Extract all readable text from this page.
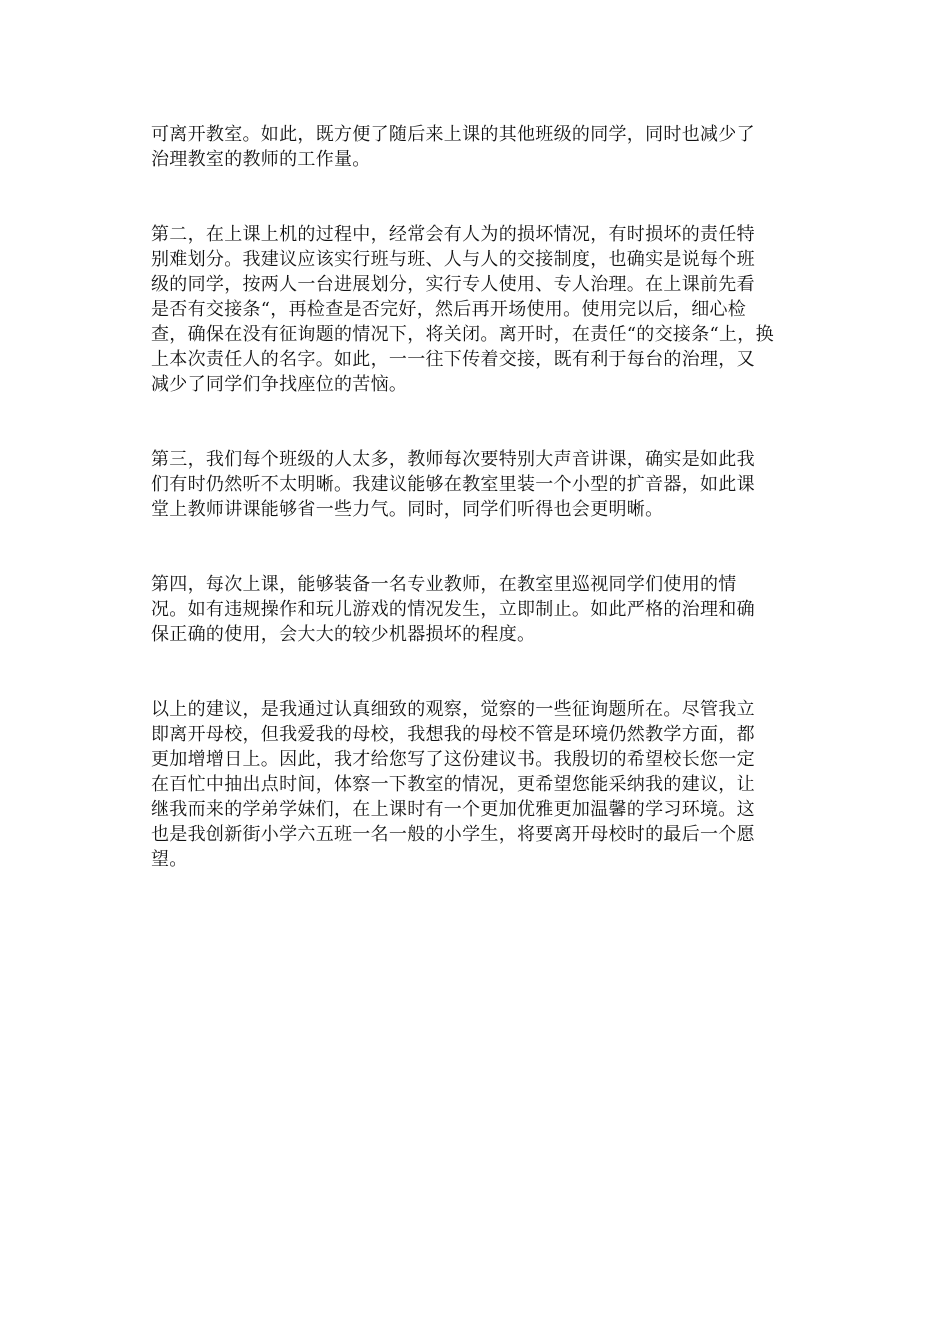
可离开教室。如此，既方便了随后来上课的其他班级的同学，同时也减少了
治理教室的教师的工作量。

第二，在上课上机的过程中，经常会有人为的损坏情况，有时损坏的责任特
别难划分。我建议应该实行班与班、人与人的交接制度，也确实是说每个班
级的同学，按两人一台进展划分，实行专人使用、专人治理。在上课前先看
是否有交接条“，再检查是否完好，然后再开场使用。使用完以后，细心检
查，确保在没有征询题的情况下，将关闭。离开时，在责任“的交接条“上，换
上本次责任人的名字。如此，一一往下传着交接，既有利于每台的治理，又
减少了同学们争找座位的苦恼。

第三，我们每个班级的人太多，教师每次要特别大声音讲课，确实是如此我
们有时仍然听不太明晰。我建议能够在教室里装一个小型的扩音器，如此课
堂上教师讲课能够省一些力气。同时，同学们听得也会更明晰。

第四，每次上课，能够装备一名专业教师，在教室里巡视同学们使用的情
况。如有违规操作和玩儿游戏的情况发生，立即制止。如此严格的治理和确
保正确的使用，会大大的较少机器损坏的程度。

以上的建议，是我通过认真细致的观察，觉察的一些征询题所在。尽管我立
即离开母校，但我爱我的母校，我想我的母校不管是环境仍然教学方面，都
更加增增日上。因此，我才给您写了这份建议书。我殷切的希望校长您一定
在百忙中抽出点时间，体察一下教室的情况，更希望您能采纳我的建议，让
继我而来的学弟学妹们，在上课时有一个更加优雅更加温馨的学习环境。这
也是我创新街小学六五班一名一般的小学生，将要离开母校时的最后一个愿
望。
